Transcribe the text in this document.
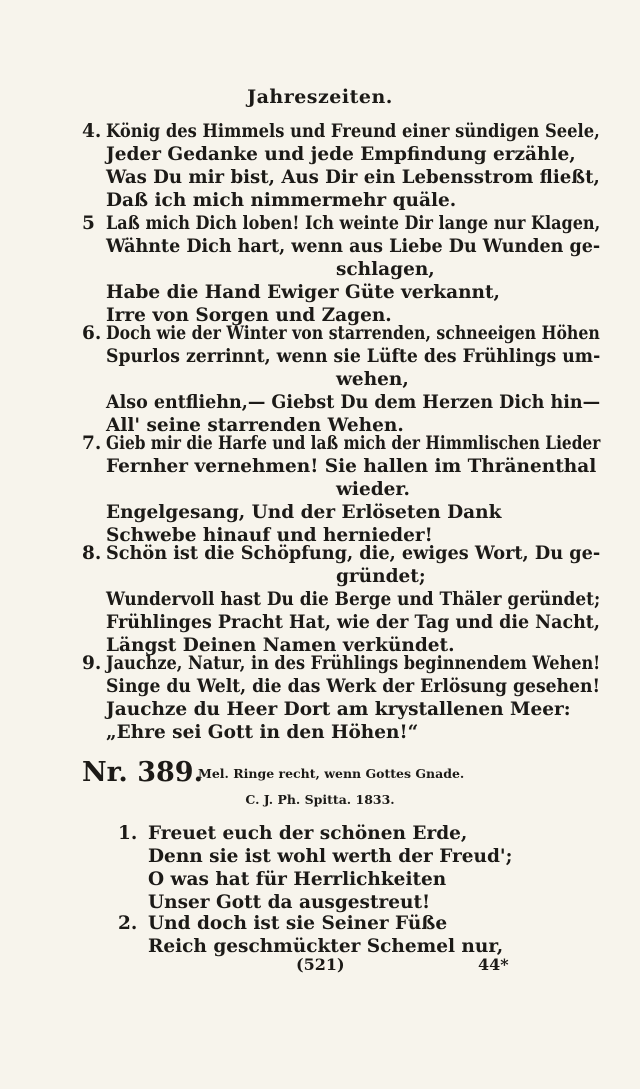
Jahreszeiten.
4. König des Himmels und Freund einer sündigen Seele,
Jeder Gedanke und jede Empfindung erzähle,
Was Du mir bist, Aus Dir ein Lebensstrom fließt,
Daß ich mich nimmermehr quäle.
5 Laß mich Dich loben! Ich weinte Dir lange nur Klagen,
Wähnte Dich hart, wenn aus Liebe Du Wunden ge-
schlagen,
Habe die Hand Ewiger Güte verkannt,
Irre von Sorgen und Zagen.
6. Doch wie der Winter von starrenden, schneeigen Höhen
Spurlos zerrinnt, wenn sie Lüfte des Frühlings um-
wehen,
Also entfliehn,— Giebst Du dem Herzen Dich hin—
All' seine starrenden Wehen.
7. Gieb mir die Harfe und laß mich der Himmlischen Lieder
Fernher vernehmen! Sie hallen im Thränenthal
wieder.
Engelgesang, Und der Erlöseten Dank
Schwebe hinauf und hernieder!
8. Schön ist die Schöpfung, die, ewiges Wort, Du ge-
gründet;
Wundervoll hast Du die Berge und Thäler geründet;
Frühlinges Pracht Hat, wie der Tag und die Nacht,
Längst Deinen Namen verkündet.
9. Jauchze, Natur, in des Frühlings beginnendem Wehen!
Singe du Welt, die das Werk der Erlösung gesehen!
Jauchze du Heer Dort am krystallenen Meer:
„Ehre sei Gott in den Höhen!“
Nr. 389.
Mel. Ringe recht, wenn Gottes Gnade.
C. J. Ph. Spitta. 1833.
1. Freuet euch der schönen Erde,
Denn sie ist wohl werth der Freud';
O was hat für Herrlichkeiten
Unser Gott da ausgestreut!
2. Und doch ist sie Seiner Füße
Reich geschmückter Schemel nur,
(521)	44*
